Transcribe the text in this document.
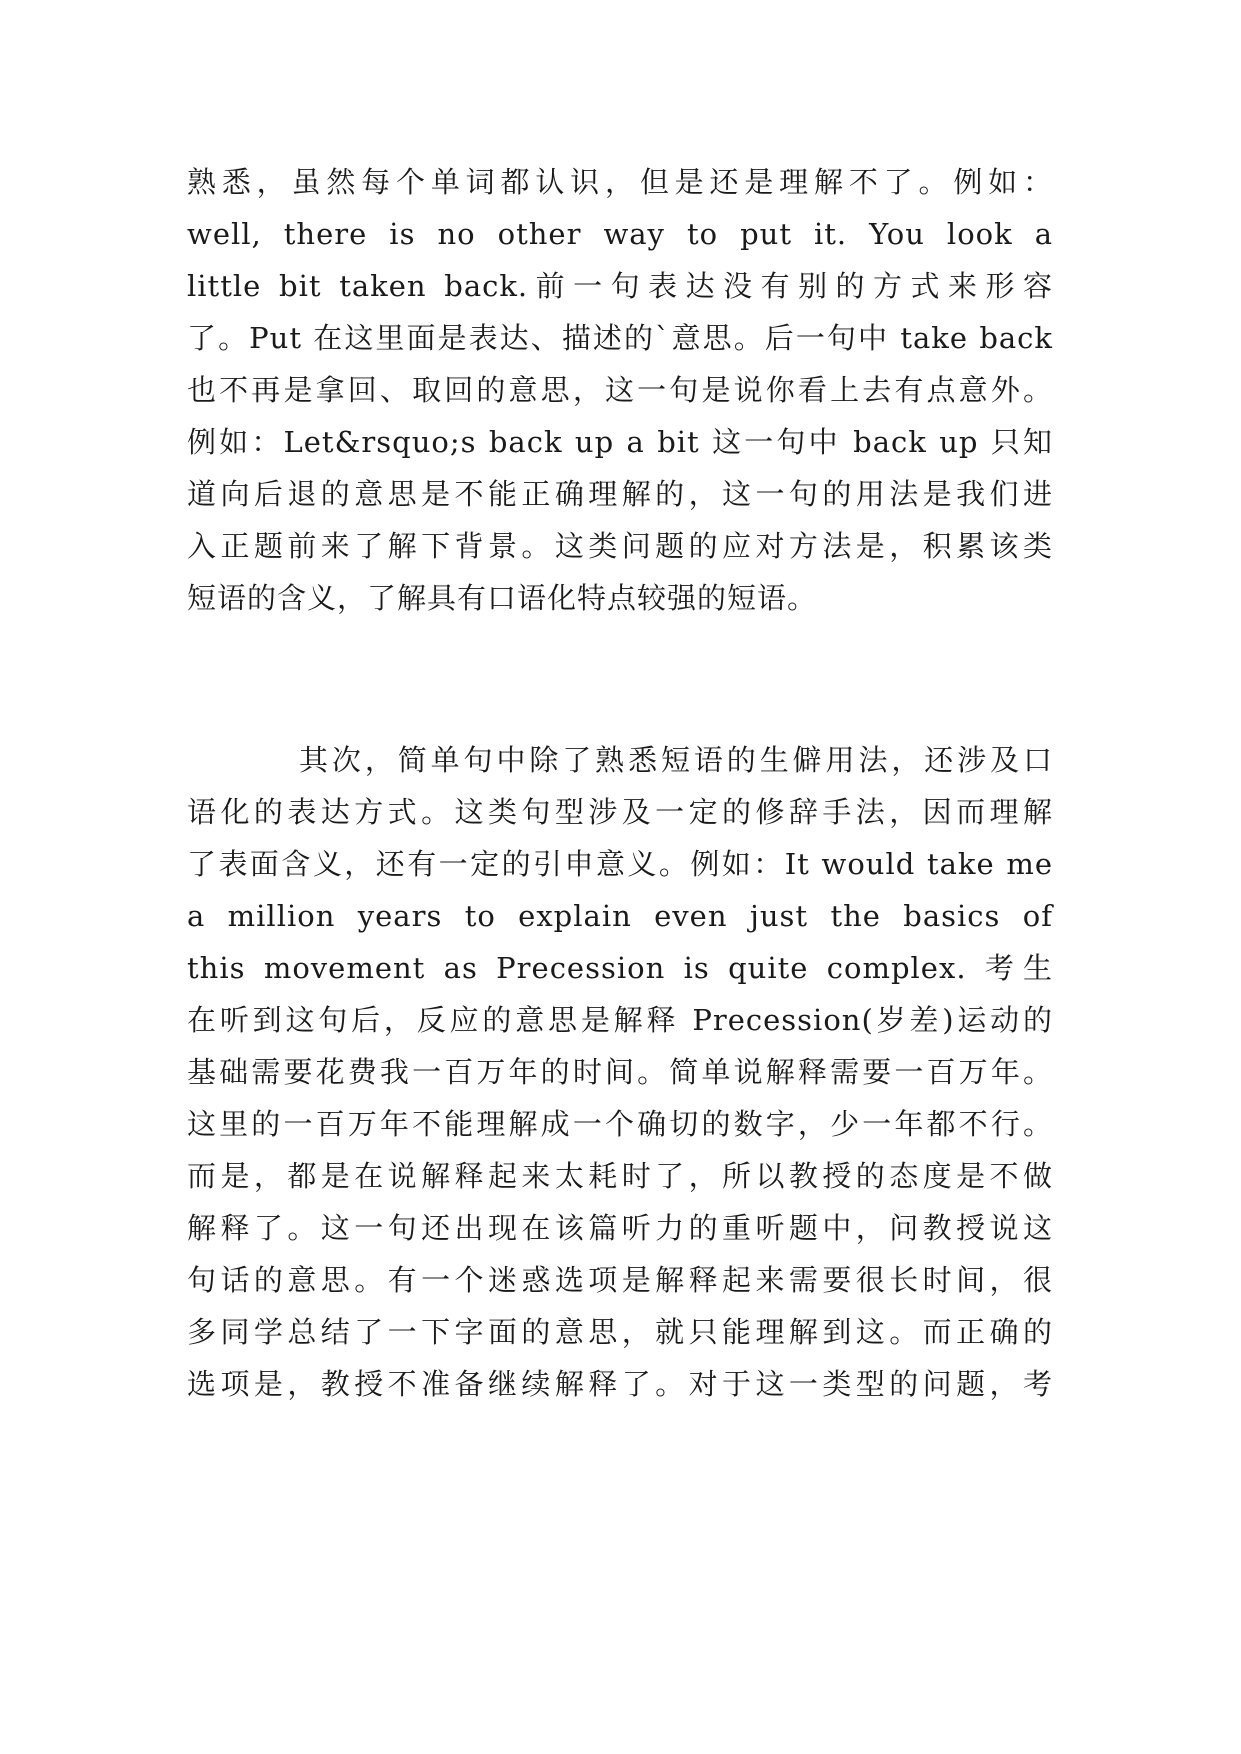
熟悉，虽然每个单词都认识，但是还是理解不了。例如：
well, there is no other way to put it. You look a
little bit taken back.前一句表达没有别的方式来形容
了。Put 在这里面是表达、描述的`意思。后一句中 take back
也不再是拿回、取回的意思，这一句是说你看上去有点意外。
例如：Let&rsquo;s back up a bit 这一句中 back up 只知
道向后退的意思是不能正确理解的，这一句的用法是我们进
入正题前来了解下背景。这类问题的应对方法是，积累该类
短语的含义，了解具有口语化特点较强的短语。
其次，简单句中除了熟悉短语的生僻用法，还涉及口
语化的表达方式。这类句型涉及一定的修辞手法，因而理解
了表面含义，还有一定的引申意义。例如：It would take me
a million years to explain even just the basics of
this movement as Precession is quite complex. 考生
在听到这句后，反应的意思是解释 Precession(岁差)运动的
基础需要花费我一百万年的时间。简单说解释需要一百万年。
这里的一百万年不能理解成一个确切的数字，少一年都不行。
而是，都是在说解释起来太耗时了，所以教授的态度是不做
解释了。这一句还出现在该篇听力的重听题中，问教授说这
句话的意思。有一个迷惑选项是解释起来需要很长时间，很
多同学总结了一下字面的意思，就只能理解到这。而正确的
选项是，教授不准备继续解释了。对于这一类型的问题，考
